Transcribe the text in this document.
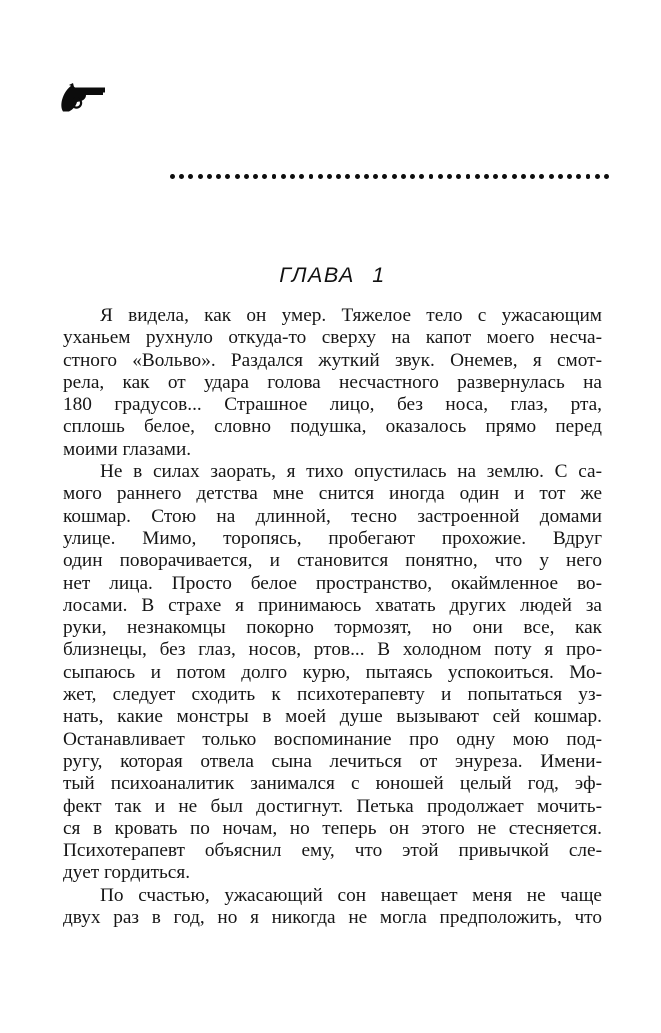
ГЛАВА 1
Я видела, как он умер. Тяжелое тело с ужасающим
уханьем рухнуло откуда-то сверху на капот моего несча-
стного «Вольво». Раздался жуткий звук. Онемев, я смот-
рела, как от удара голова несчастного развернулась на
180 градусов... Страшное лицо, без носа, глаз, рта,
сплошь белое, словно подушка, оказалось прямо перед
моими глазами.
Не в силах заорать, я тихо опустилась на землю. С са-
мого раннего детства мне снится иногда один и тот же
кошмар. Стою на длинной, тесно застроенной домами
улице. Мимо, торопясь, пробегают прохожие. Вдруг
один поворачивается, и становится понятно, что у него
нет лица. Просто белое пространство, окаймленное во-
лосами. В страхе я принимаюсь хватать других людей за
руки, незнакомцы покорно тормозят, но они все, как
близнецы, без глаз, носов, ртов... В холодном поту я про-
сыпаюсь и потом долго курю, пытаясь успокоиться. Мо-
жет, следует сходить к психотерапевту и попытаться уз-
нать, какие монстры в моей душе вызывают сей кошмар.
Останавливает только воспоминание про одну мою под-
ругу, которая отвела сына лечиться от энуреза. Имени-
тый психоаналитик занимался с юношей целый год, эф-
фект так и не был достигнут. Петька продолжает мочить-
ся в кровать по ночам, но теперь он этого не стесняется.
Психотерапевт объяснил ему, что этой привычкой сле-
дует гордиться.
По счастью, ужасающий сон навещает меня не чаще
двух раз в год, но я никогда не могла предположить, что
